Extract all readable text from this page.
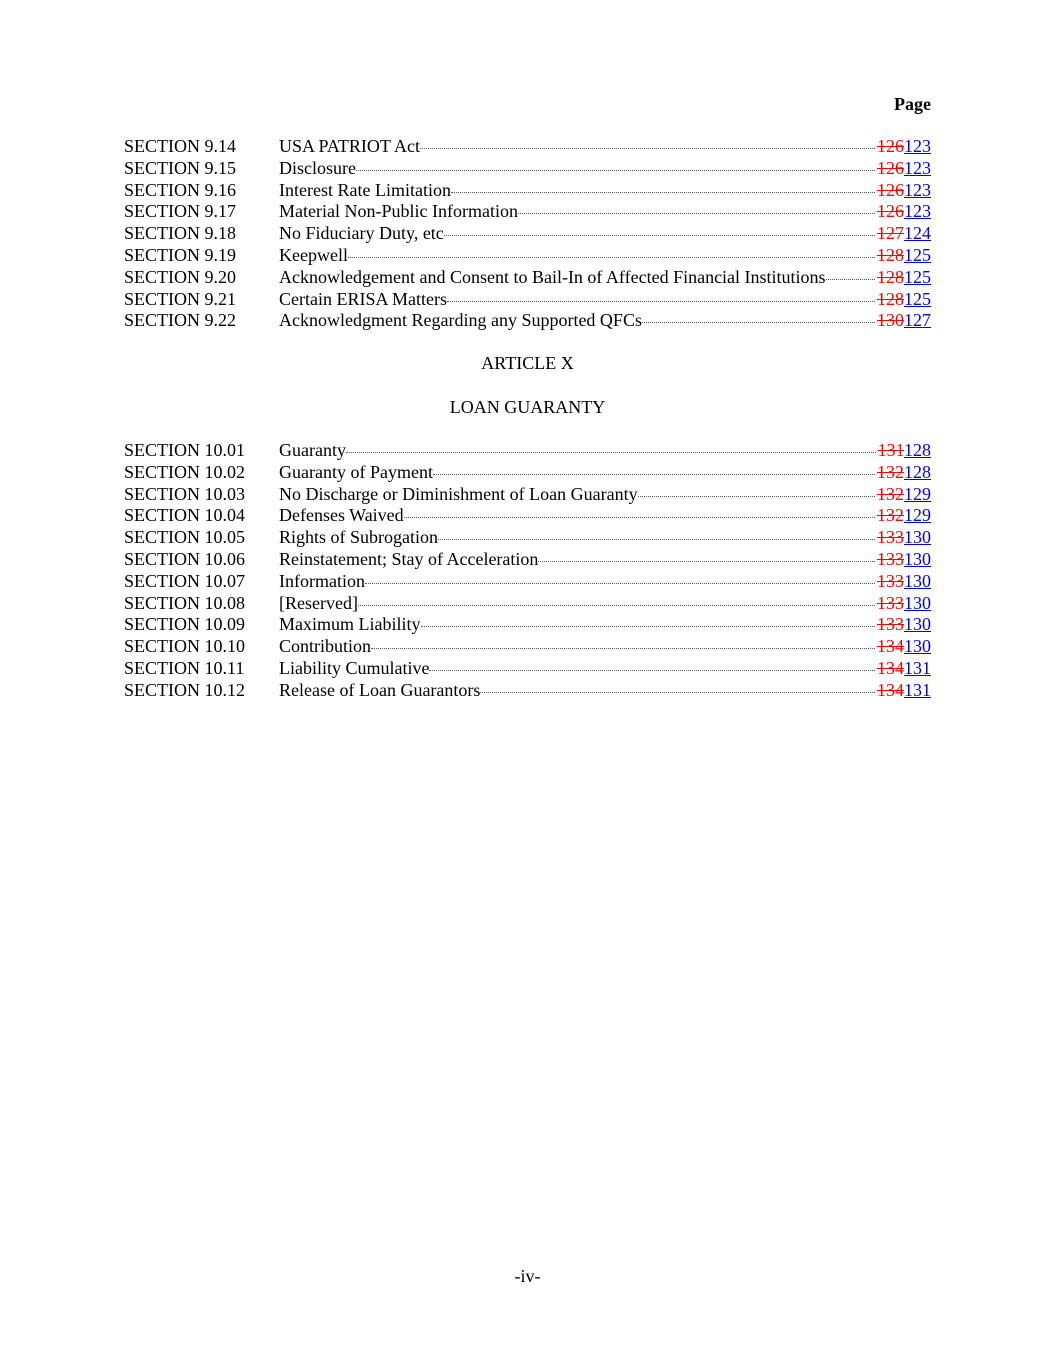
Page
SECTION 9.14	USA PATRIOT Act	126123
SECTION 9.15	Disclosure	126123
SECTION 9.16	Interest Rate Limitation	126123
SECTION 9.17	Material Non-Public Information	126123
SECTION 9.18	No Fiduciary Duty, etc	127124
SECTION 9.19	Keepwell	128125
SECTION 9.20	Acknowledgement and Consent to Bail-In of Affected Financial Institutions	128125
SECTION 9.21	Certain ERISA Matters	128125
SECTION 9.22	Acknowledgment Regarding any Supported QFCs	130127
ARTICLE X
LOAN GUARANTY
SECTION 10.01	Guaranty	131128
SECTION 10.02	Guaranty of Payment	132128
SECTION 10.03	No Discharge or Diminishment of Loan Guaranty	132129
SECTION 10.04	Defenses Waived	132129
SECTION 10.05	Rights of Subrogation	133130
SECTION 10.06	Reinstatement; Stay of Acceleration	133130
SECTION 10.07	Information	133130
SECTION 10.08	[Reserved]	133130
SECTION 10.09	Maximum Liability	133130
SECTION 10.10	Contribution	134130
SECTION 10.11	Liability Cumulative	134131
SECTION 10.12	Release of Loan Guarantors	134131
-iv-
